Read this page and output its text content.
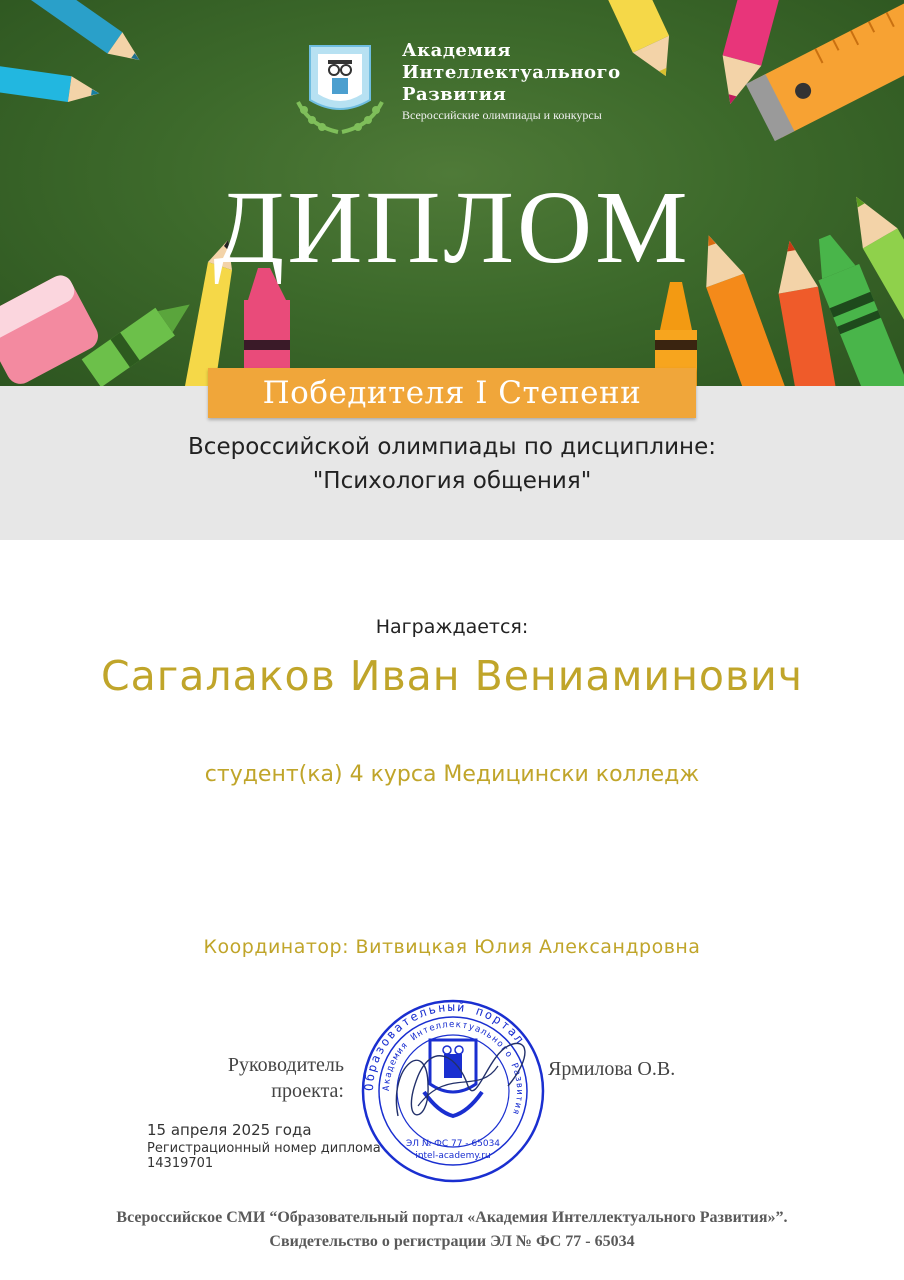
Академия
Интеллектуального
Развития
Всероссийские олимпиады и конкурсы
ДИПЛОМ
Победителя I Степени
Всероссийской олимпиады по дисциплине:
"Психология общения"
Награждается:
Сагалаков Иван Вениаминович
студент(ка) 4 курса Медицински колледж
Координатор: Витвицкая Юлия Александровна
Руководитель
проекта:
Ярмилова О.В.
Образовательный портал
Академия Интеллектуального Развития
ЭЛ № ФС 77 - 65034
intel-academy.ru
15 апреля 2025 года
Регистрационный номер диплома
14319701
Всероссийское СМИ “Образовательный портал «Академия Интеллектуального Развития»”.
Свидетельство о регистрации ЭЛ № ФС 77 - 65034
